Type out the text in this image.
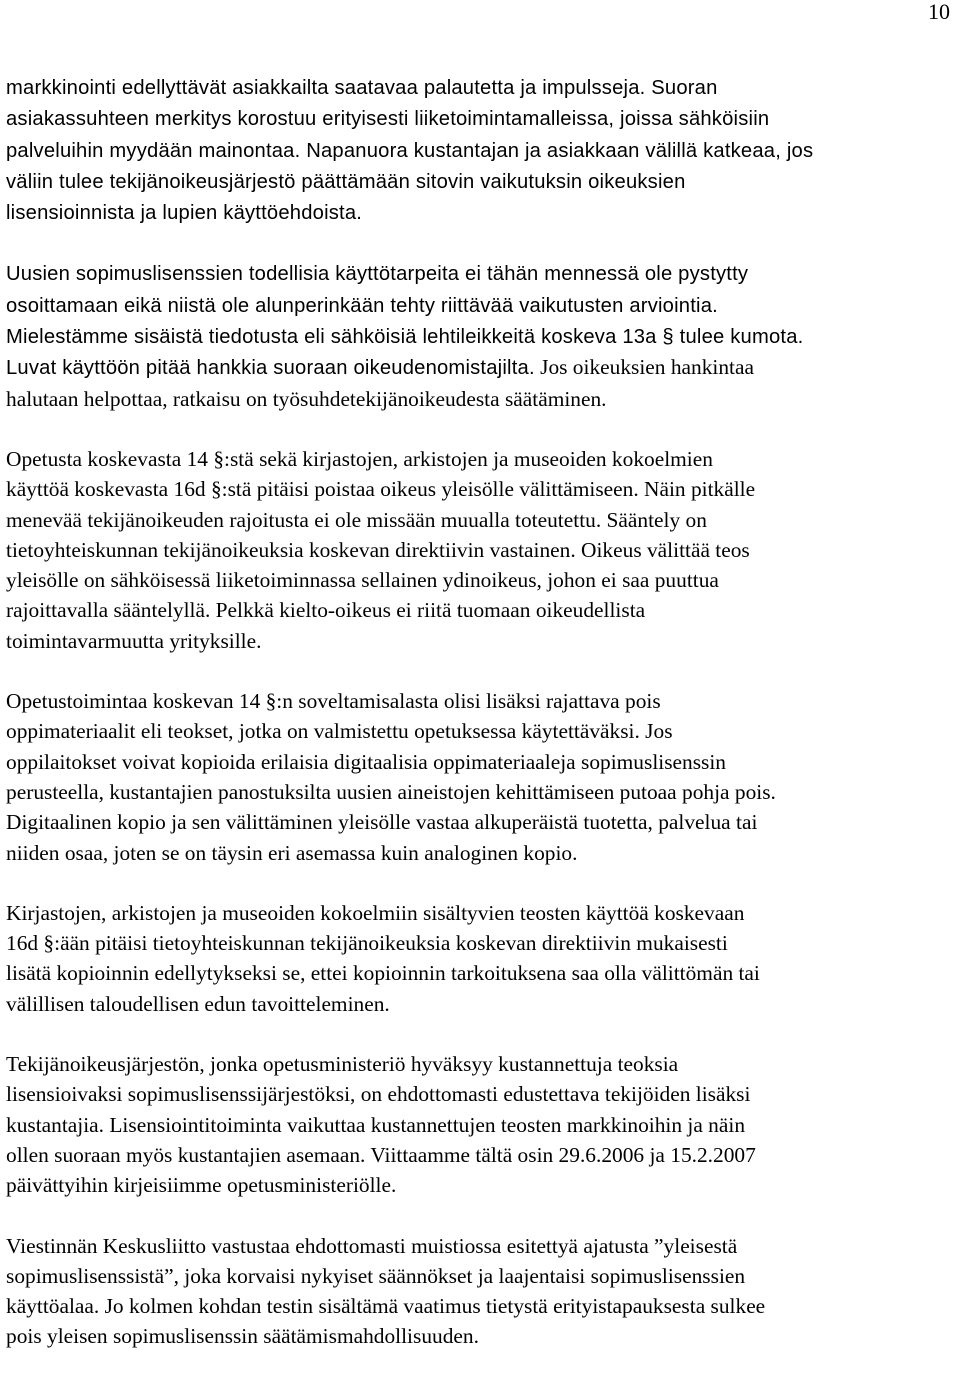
10

markkinointi edellyttävät asiakkailta saatavaa palautetta ja impulsseja. Suoran
asiakassuhteen merkitys korostuu erityisesti liiketoimintamalleissa, joissa sähköisiin
palveluihin myydään mainontaa. Napanuora kustantajan ja asiakkaan välillä katkeaa, jos
väliin tulee tekijänoikeusjärjestö päättämään sitovin vaikutuksin oikeuksien
lisensioinnista ja lupien käyttöehdoista.

Uusien sopimuslisenssien todellisia käyttötarpeita ei tähän mennessä ole pystytty
osoittamaan eikä niistä ole alunperinkään tehty riittävää vaikutusten arviointia.
Mielestämme sisäistä tiedotusta eli sähköisiä lehtileikkeitä koskeva 13a § tulee kumota.
Luvat käyttöön pitää hankkia suoraan oikeudenomistajilta. Jos oikeuksien hankintaa
halutaan helpottaa, ratkaisu on työsuhdetekijänoikeudesta säätäminen.

Opetusta koskevasta 14 §:stä sekä kirjastojen, arkistojen ja museoiden kokoelmien
käyttöä koskevasta 16d §:stä pitäisi poistaa oikeus yleisölle välittämiseen. Näin pitkälle
menevää tekijänoikeuden rajoitusta ei ole missään muualla toteutettu. Sääntely on
tietoyhteiskunnan tekijänoikeuksia koskevan direktiivin vastainen. Oikeus välittää teos
yleisölle on sähköisessä liiketoiminnassa sellainen ydinoikeus, johon ei saa puuttua
rajoittavalla sääntelyllä. Pelkkä kielto-oikeus ei riitä tuomaan oikeudellista
toimintavarmuutta yrityksille.

Opetustoimintaa koskevan 14 §:n soveltamisalasta olisi lisäksi rajattava pois
oppimateriaalit eli teokset, jotka on valmistettu opetuksessa käytettäväksi. Jos
oppilaitokset voivat kopioida erilaisia digitaalisia oppimateriaaleja sopimuslisenssin
perusteella, kustantajien panostuksilta uusien aineistojen kehittämiseen putoaa pohja pois.
Digitaalinen kopio ja sen välittäminen yleisölle vastaa alkuperäistä tuotetta, palvelua tai
niiden osaa, joten se on täysin eri asemassa kuin analoginen kopio.

Kirjastojen, arkistojen ja museoiden kokoelmiin sisältyvien teosten käyttöä koskevaan
16d §:ään pitäisi tietoyhteiskunnan tekijänoikeuksia koskevan direktiivin mukaisesti
lisätä kopioinnin edellytykseksi se, ettei kopioinnin tarkoituksena saa olla välittömän tai
välillisen taloudellisen edun tavoitteleminen.

Tekijänoikeusjärjestön, jonka opetusministeriö hyväksyy kustannettuja teoksia
lisensioivaksi sopimuslisenssijärjestöksi, on ehdottomasti edustettava tekijöiden lisäksi
kustantajia. Lisensiointitoiminta vaikuttaa kustannettujen teosten markkinoihin ja näin
ollen suoraan myös kustantajien asemaan. Viittaamme tältä osin 29.6.2006 ja 15.2.2007
päivättyihin kirjeisiimme opetusministeriölle.

Viestinnän Keskusliitto vastustaa ehdottomasti muistiossa esitettyä ajatusta ”yleisestä
sopimuslisenssistä”, joka korvaisi nykyiset säännökset ja laajentaisi sopimuslisenssien
käyttöalaa. Jo kolmen kohdan testin sisältämä vaatimus tietystä erityistapauksesta sulkee
pois yleisen sopimuslisenssin säätämismahdollisuuden.
